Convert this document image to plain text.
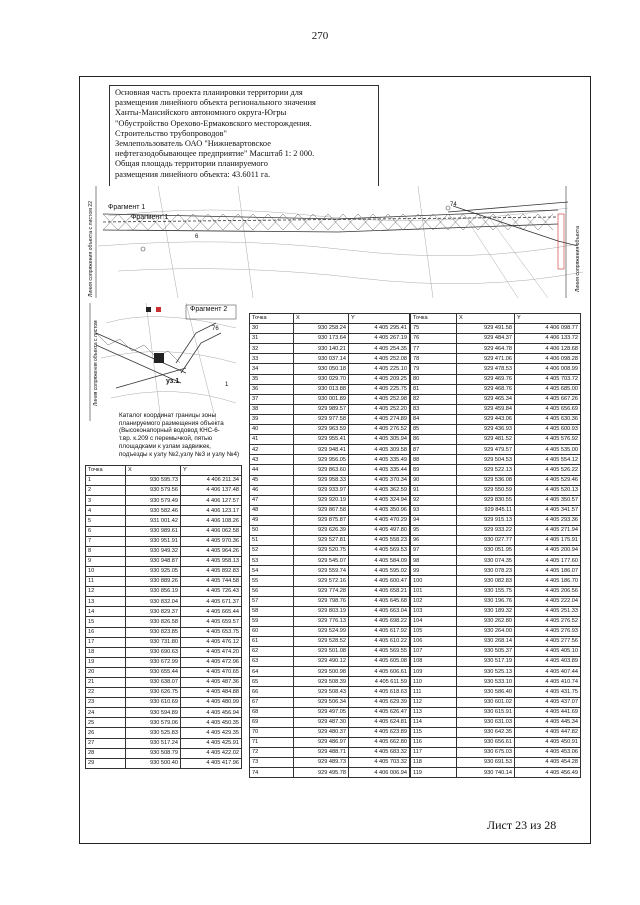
270
Основная часть проекта планировки территории для
размещения линейного объекта регионального значения
Ханты-Мансийского автономного округа-Югры
"Обустройство Орехово-Ермаковского месторождения.
Строительство трубопроводов"
Землепользователь ОАО "Нижневартовское
нефтегазодобывающее предприятие" Масштаб 1: 2 000.
Общая площадь территории планируемого
размещения линейного объекта: 43.6011 га.
Фрагмент 1
Фрагмент 1
74
6
Линия сопряжения объекта с листом 22	Линия сопряжения объекта
Фрагмент 2
76
уз.1	1
Линия сопряжения объекта с листом
Каталог координат границы зоны
планируемого размещения объекта
(Высоконапорный водовод КНС-6-
т.вр. к.209 с перемычкой, пятью
площадками к узлам задвижек,
подъезды к узлу №2,узлу №3 и узлу №4)
Точка	X	Y
1	930 595.73	4 406 211.34
2	930 579.56	4 406 137.48
3	930 579.49	4 406 127.57
4	930 582.46	4 406 123.17
5	931 001.42	4 406 108.26
6	930 989.61	4 406 062.58
7	930 951.91	4 405 970.36
8	930 949.32	4 405 964.26
9	930 948.87	4 405 958.13
10	930 925.05	4 405 892.83
11	930 889.26	4 405 744.58
12	930 856.19	4 405 726.43
13	930 832.04	4 405 671.37
14	930 829.37	4 405 665.44
15	930 826.58	4 405 659.57
16	930 823.85	4 405 653.75
17	930 731.80	4 405 476.12
18	930 690.63	4 405 474.20
19	930 672.99	4 405 472.96
20	930 655.44	4 405 470.65
21	930 638.07	4 405 487.36
22	930 626.75	4 405 484.88
23	930 610.69	4 405 480.99
24	930 594.89	4 405 456.94
25	930 579.06	4 405 450.35
26	930 525.83	4 405 429.35
27	930 517.24	4 405 425.91
28	930 508.79	4 405 422.02
29	930 500.40	4 405 417.96
Точка	X	Y
30	930 258.24	4 405 295.41
31	930 173.64	4 405 267.19
32	930 140.21	4 405 254.35
33	930 037.14	4 405 252.08
34	930 050.18	4 405 225.10
35	930 029.70	4 405 209.25
36	930 013.88	4 405 225.75
37	930 001.89	4 405 252.98
38	929 989.57	4 405 252.20
39	929 977.58	4 405 274.89
40	929 963.59	4 405 276.52
41	929 955.41	4 405 305.94
42	929 948.41	4 405 309.58
43	929 956.05	4 405 335.49
44	929 863.60	4 405 335.44
45	929 958.33	4 405 370.34
46	929 933.97	4 405 362.59
47	929 920.19	4 405 324.94
48	929 867.58	4 405 350.96
49	929 875.87	4 405 470.29
50	929 626.39	4 405 497.80
51	929 527.81	4 405 558.23
52	929 520.75	4 405 569.53
53	929 545.07	4 405 584.09
54	929 559.74	4 405 595.02
55	929 572.16	4 405 600.47
56	929 774.28	4 405 658.21
57	929 798.76	4 405 645.68
58	929 803.19	4 405 663.04
59	929 776.13	4 405 698.22
60	929 524.99	4 405 617.92
61	929 528.52	4 405 610.22
62	929 501.08	4 405 569.55
63	929 490.12	4 405 605.08
64	929 500.98	4 405 606.61
65	929 508.39	4 405 611.59
66	929 508.43	4 405 618.63
67	929 506.34	4 405 629.39
68	929 497.05	4 405 626.47
69	929 487.30	4 405 624.81
70	929 480.37	4 405 623.89
71	929 486.97	4 405 662.80
72	929 488.71	4 405 683.32
73	929 489.73	4 405 703.32
74	929 495.78	4 406 006.94
Точка	X	Y
75	929 491.58	4 406 098.77
76	929 484.37	4 406 133.72
77	929 464.78	4 406 128.68
78	929 471.06	4 406 098.28
79	929 478.53	4 406 008.99
80	929 469.76	4 405 703.72
81	929 468.76	4 405 685.00
82	929 465.34	4 405 667.26
83	929 459.84	4 405 656.69
84	929 443.06	4 405 630.36
85	929 436.93	4 405 600.93
86	929 481.52	4 405 576.92
87	929 479.57	4 405 535.00
88	929 504.53	4 405 554.12
89	929 522.13	4 405 526.22
90	929 536.08	4 405 529.46
91	929 550.59	4 405 520.13
92	929 830.55	4 405 350.57
93	929 845.11	4 405 341.57
94	929 915.13	4 405 293.36
95	929 933.22	4 405 271.94
96	930 027.77	4 405 175.91
97	930 051.95	4 405 200.94
98	930 074.35	4 405 177.60
99	930 078.23	4 405 186.07
100	930 082.83	4 405 186.70
101	930 155.75	4 405 206.56
102	930 196.76	4 405 222.04
103	930 189.32	4 405 251.33
104	930 262.80	4 405 276.52
105	930 264.00	4 405 276.93
106	930 268.14	4 405 277.56
107	930 505.37	4 405 405.10
108	930 517.19	4 405 403.89
109	930 525.13	4 405 407.44
110	930 533.10	4 405 410.74
111	930 586.40	4 405 431.75
112	930 601.02	4 405 437.07
113	930 615.91	4 405 441.69
114	930 631.03	4 405 445.34
115	930 642.35	4 405 447.82
116	930 656.61	4 405 450.91
117	930 675.03	4 405 453.06
118	930 691.53	4 405 454.28
119	930 740.14	4 405 456.49
Лист 23 из 28
